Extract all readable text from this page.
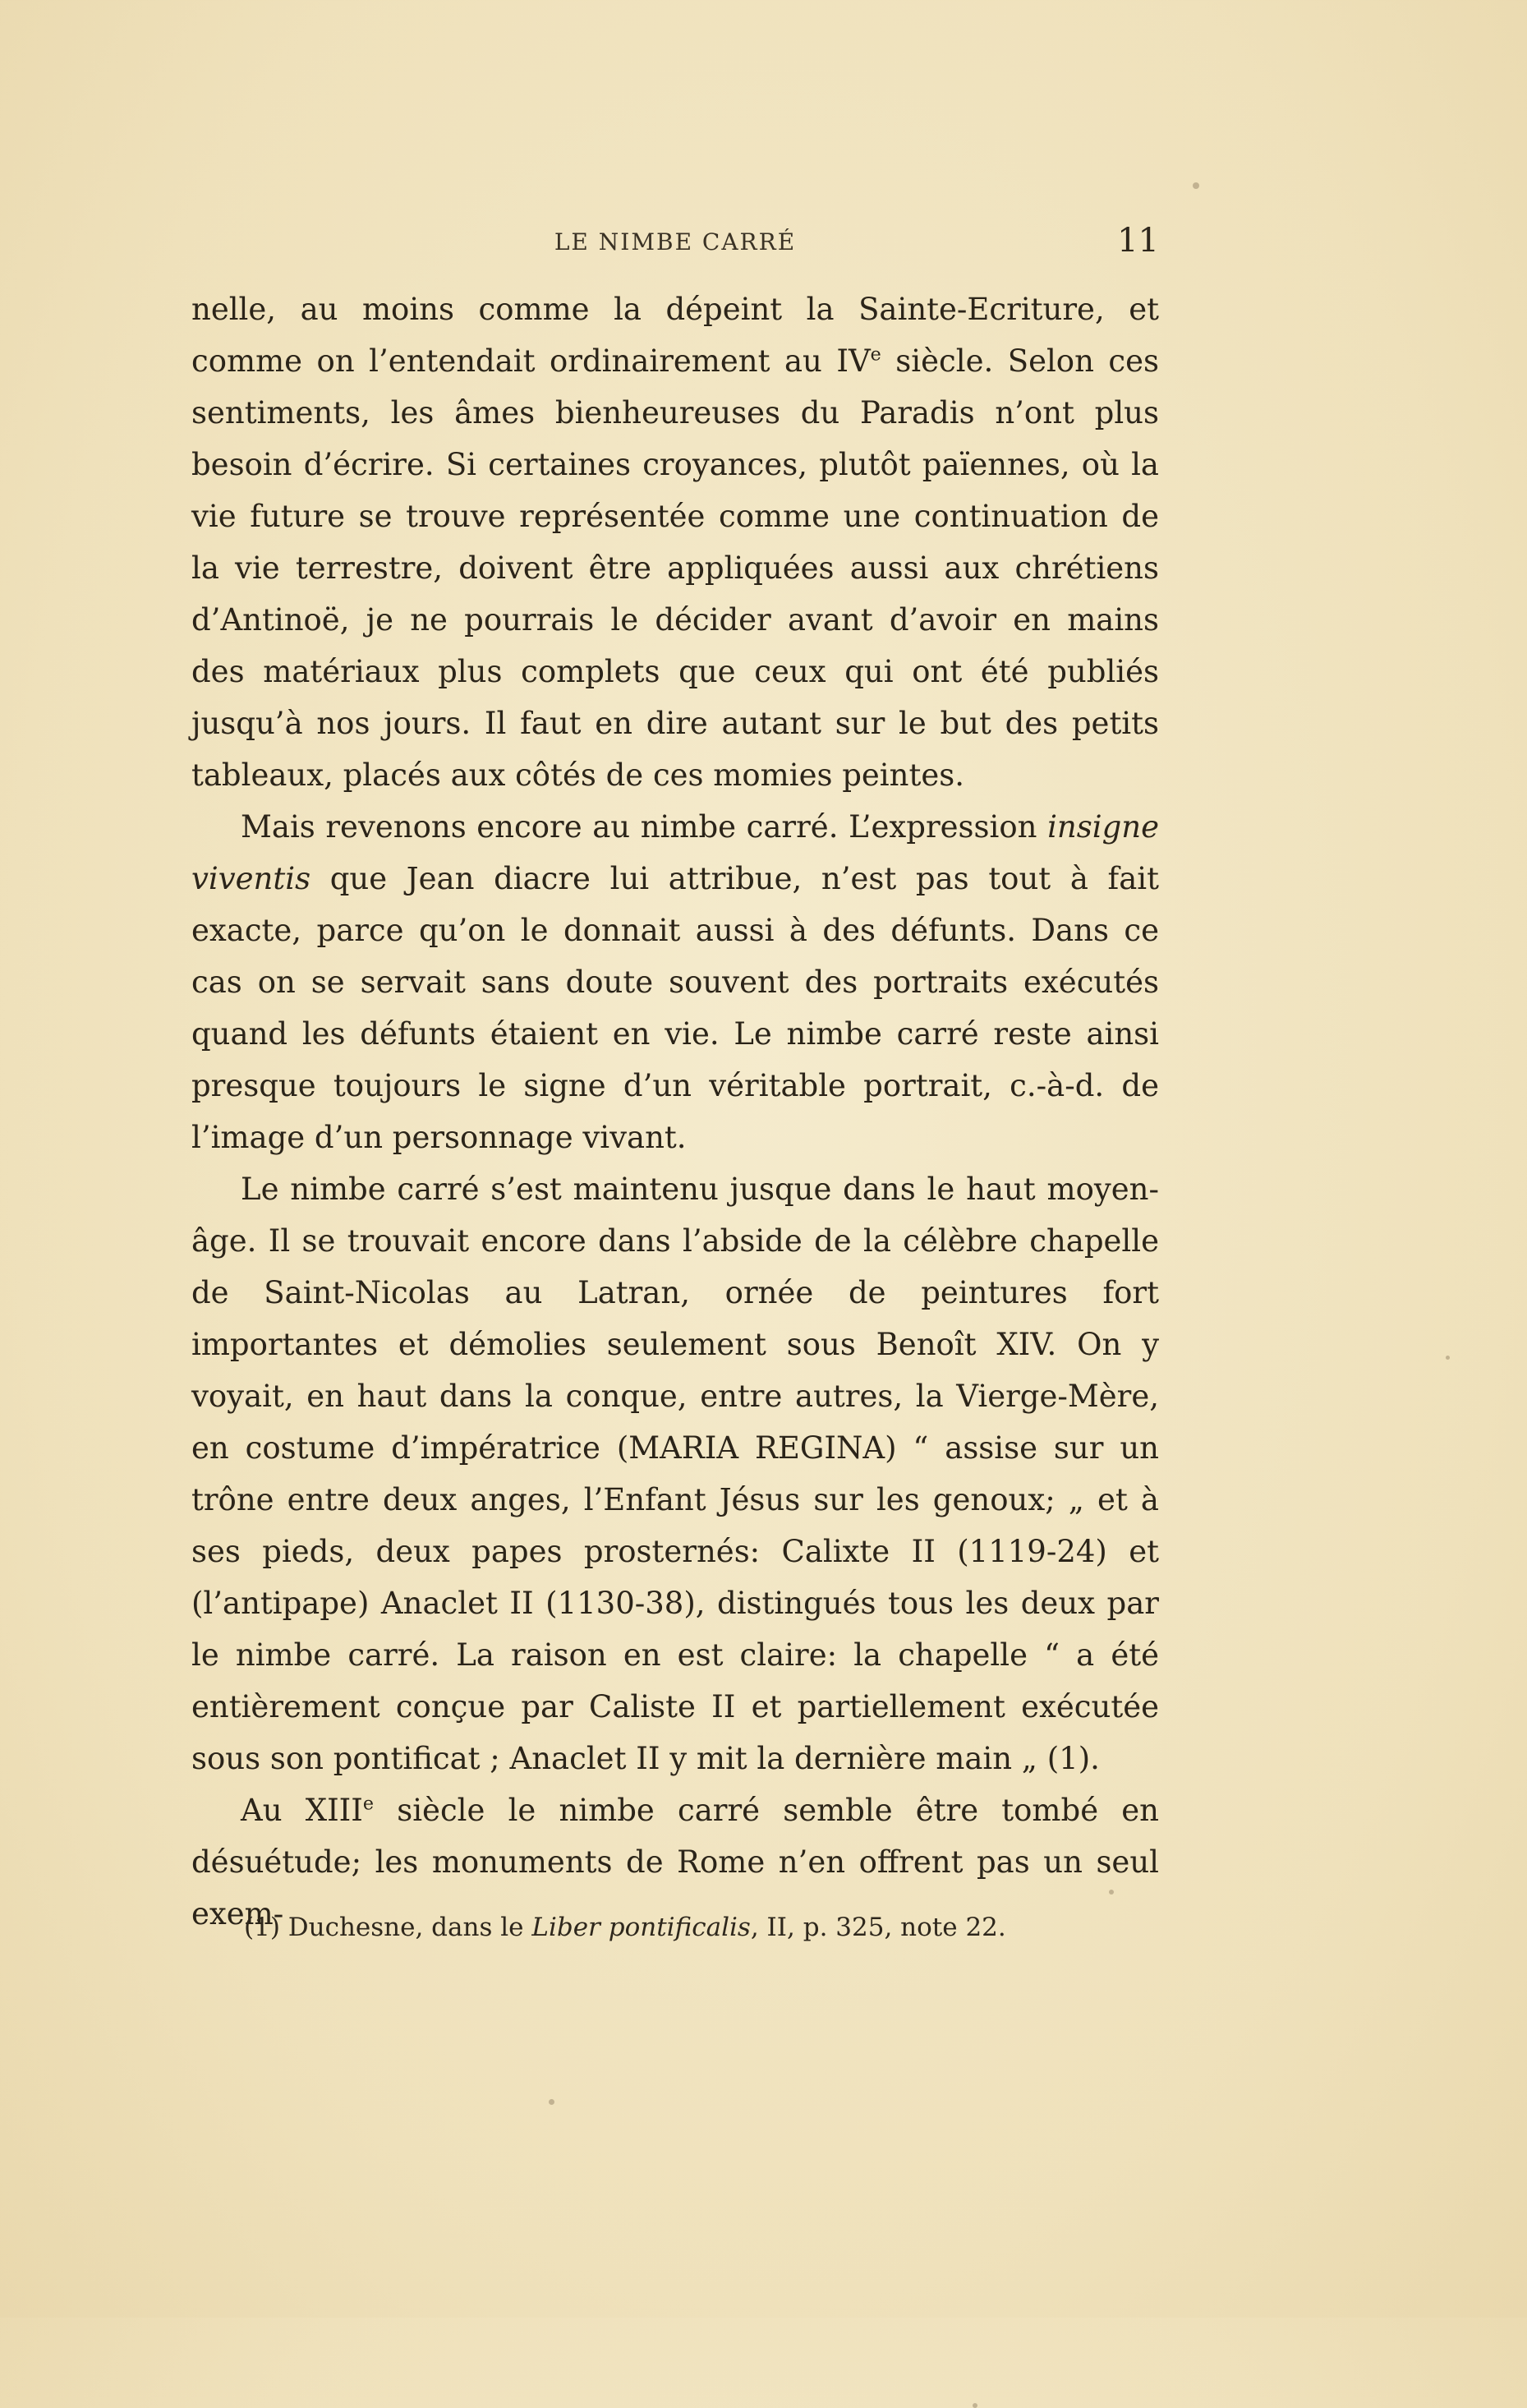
LE NIMBE CARRÉ	11

nelle, au moins comme la dépeint la Sainte-Ecriture, et comme on l’entendait ordinairement au IVe siècle. Selon ces sentiments, les âmes bienheureuses du Paradis n’ont plus besoin d’écrire. Si certaines croyances, plutôt païennes, où la vie future se trouve représentée comme une continuation de la vie terrestre, doivent être appliquées aussi aux chrétiens d’Antinoë, je ne pourrais le décider avant d’avoir en mains des matériaux plus complets que ceux qui ont été publiés jusqu’à nos jours. Il faut en dire autant sur le but des petits tableaux, placés aux côtés de ces momies peintes.

Mais revenons encore au nimbe carré. L’expression insigne viventis que Jean diacre lui attribue, n’est pas tout à fait exacte, parce qu’on le donnait aussi à des défunts. Dans ce cas on se servait sans doute souvent des portraits exécutés quand les défunts étaient en vie. Le nimbe carré reste ainsi presque toujours le signe d’un véritable portrait, c.-à-d. de l’image d’un personnage vivant.

Le nimbe carré s’est maintenu jusque dans le haut moyen-âge. Il se trouvait encore dans l’abside de la célèbre chapelle de Saint-Nicolas au Latran, ornée de peintures fort importantes et démolies seulement sous Benoît XIV. On y voyait, en haut dans la conque, entre autres, la Vierge-Mère, en costume d’impératrice (MARIA REGINA) “ assise sur un trône entre deux anges, l’Enfant Jésus sur les genoux; „ et à ses pieds, deux papes prosternés: Calixte II (1119-24) et (l’antipape) Anaclet II (1130-38), distingués tous les deux par le nimbe carré. La raison en est claire: la chapelle “ a été entièrement conçue par Caliste II et partiellement exécutée sous son pontificat ; Anaclet II y mit la dernière main „ (1).

Au XIIIe siècle le nimbe carré semble être tombé en désuétude; les monuments de Rome n’en offrent pas un seul exem-

(1) Duchesne, dans le Liber pontificalis, II, p. 325, note 22.
